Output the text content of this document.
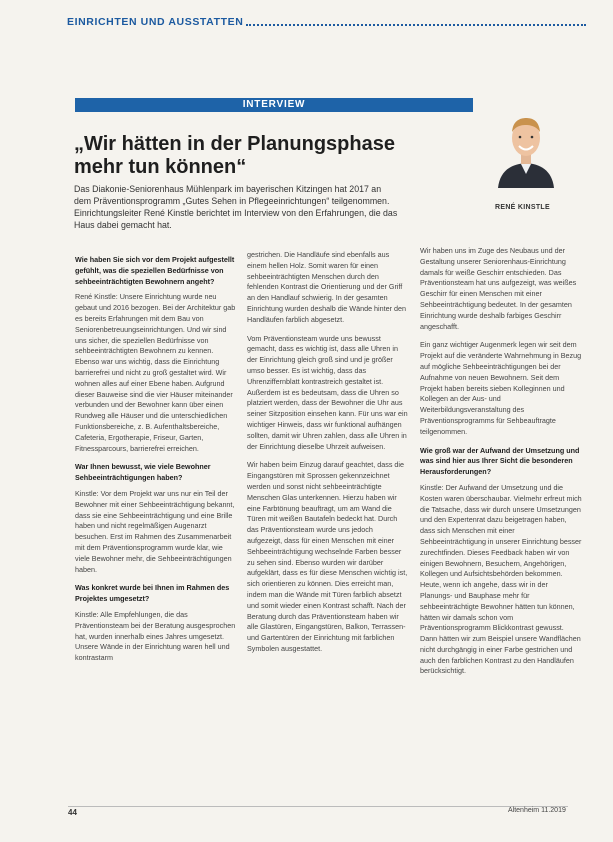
EINRICHTEN UND AUSSTATTEN
INTERVIEW
„Wir hätten in der Planungsphase mehr tun können“
RENÉ KINSTLE
Das Diakonie-Seniorenhaus Mühlenpark im bayerischen Kitzingen hat 2017 an dem Präventionsprogramm „Gutes Sehen in Pflegeeinrichtungen“ teilgenommen. Einrichtungsleiter René Kinstle berichtet im Interview von den Erfahrungen, die das Haus dabei gemacht hat.

Wie haben Sie sich vor dem Projekt aufgestellt gefühlt, was die speziellen Bedürfnisse von sehbeeinträchtigten Bewohnern angeht?

René Kinstle: Unsere Einrichtung wurde neu gebaut und 2016 bezogen. Bei der Architektur gab es bereits Erfahrungen mit dem Bau von Seniorenbetreuungseinrichtungen. Und wir sind uns sicher, die speziellen Bedürfnisse von sehbeeinträchtigten Bewohnern zu kennen. Ebenso war uns wichtig, dass die Einrichtung barrierefrei und nicht zu groß gestaltet wird. Wir wohnen alles auf einer Ebene haben. Aufgrund dieser Bauweise sind die vier Häuser miteinander verbunden und der Bewohner kann über einen Rundweg alle Häuser und die unterschiedlichen Funktionsbereiche, z. B. Aufenthaltsbereiche, Cafeteria, Ergotherapie, Friseur, Garten, Fitnessparcours, barrierefrei erreichen.

War Ihnen bewusst, wie viele Bewohner Sehbeeinträchtigungen haben?

Kinstle: Vor dem Projekt war uns nur ein Teil der Bewohner mit einer Sehbeeinträchtigung bekannt, dass sie eine Sehbeeinträchtigung und eine Brille haben und nicht regelmäßigen Augenarzt besuchen. Erst im Rahmen des Zusammenarbeit mit dem Präventionsprogramm wurde klar, wie viele Bewohner mehr, die Sehbeeinträchtigungen haben.

Was konkret wurde bei Ihnen im Rahmen des Projektes umgesetzt?

Kinstle: Alle Empfehlungen, die das Präventionsteam bei der Beratung ausgesprochen hat, wurden innerhalb eines Jahres umgesetzt. Unsere Wände in der Einrichtung waren hell und kontrastarm

gestrichen. Die Handläufe sind ebenfalls aus einem hellen Holz. Somit waren für einen sehbeeinträchtigten Menschen durch den fehlenden Kontrast die Orientierung und der Griff an den Handlauf schwierig. In der gesamten Einrichtung wurden deshalb die Wände hinter den Handläufen farblich abgesetzt.

Vom Präventionsteam wurde uns bewusst gemacht, dass es wichtig ist, dass alle Uhren in der Einrichtung gleich groß sind und je größer umso besser. Es ist wichtig, dass das Uhrenziffernblatt kontrastreich gestaltet ist. Außerdem ist es bedeutsam, dass die Uhren so platziert werden, dass der Bewohner die Uhr aus seiner Sitzposition einsehen kann. Für uns war ein wichtiger Hinweis, dass wir funktional aufhängen sollten, damit wir Uhren zahlen, dass alle Uhren in der Einrichtung dieselbe Uhrzeit aufweisen.

Wir haben beim Einzug darauf geachtet, dass die Eingangstüren mit Sprossen gekennzeichnet werden und sonst nicht sehbeeinträchtigte Menschen Glas unterkennen. Hierzu haben wir eine Farbtönung beauftragt, um am Wand die Türen mit weißen Bautafeln bedeckt hat. Durch das Präventionsteam wurde uns jedoch aufgezeigt, dass für einen Menschen mit einer Sehbeeinträchtigung wechselnde Farben besser zu sehen sind. Ebenso wurden wir darüber aufgeklärt, dass es für diese Menschen wichtig ist, sich orientieren zu können. Dies erreicht man, indem man die Wände mit Türen farblich absetzt und somit wieder einen Kontrast schafft. Nach der Beratung durch das Präventionsteam haben wir alle Glastüren, Eingangstüren, Balkon, Terrassen- und Gartentüren der Einrichtung mit farblichen Symbolen ausgestattet.

Wir haben uns im Zuge des Neubaus und der Gestaltung unserer Seniorenhaus-Einrichtung damals für weiße Geschirr entschieden. Das Präventionsteam hat uns aufgezeigt, was weißes Geschirr für einen Menschen mit einer Sehbeeinträchtigung bedeutet. In der gesamten Einrichtung wurde deshalb farbiges Geschirr angeschafft.

Ein ganz wichtiger Augenmerk legen wir seit dem Projekt auf die veränderte Wahrnehmung in Bezug auf mögliche Sehbeeinträchtigungen bei der Aufnahme von neuen Bewohnern. Seit dem Projekt haben bereits sieben Kolleginnen und Kollegen an der Aus- und Weiterbildungsveranstaltung des Präventionsprogramms für Sehbeauftragte teilgenommen.

Wie groß war der Aufwand der Umsetzung und was sind hier aus Ihrer Sicht die besonderen Herausforderungen?

Kinstle: Der Aufwand der Umsetzung und die Kosten waren überschaubar. Vielmehr erfreut mich die Tatsache, dass wir durch unsere Umsetzungen und den Expertenrat dazu beigetragen haben, dass sich Menschen mit einer Sehbeeinträchtigung in unserer Einrichtung besser zurechtfinden. Dieses Feedback haben wir von einigen Bewohnern, Besuchern, Angehörigen, Kollegen und Aufsichtsbehörden bekommen. Heute, wenn ich angehe, dass wir in der Planungs- und Bauphase mehr für sehbeeinträchtigte Bewohner hätten tun können, hätten wir damals schon vom Präventionsprogramm Blickkontrast gewusst. Dann hätten wir zum Beispiel unsere Wandflächen nicht durchgängig in einer Farbe gestrichen und auch den farblichen Kontrast zu den Handläufen berücksichtigt.

44	Altenheim 11.2019
